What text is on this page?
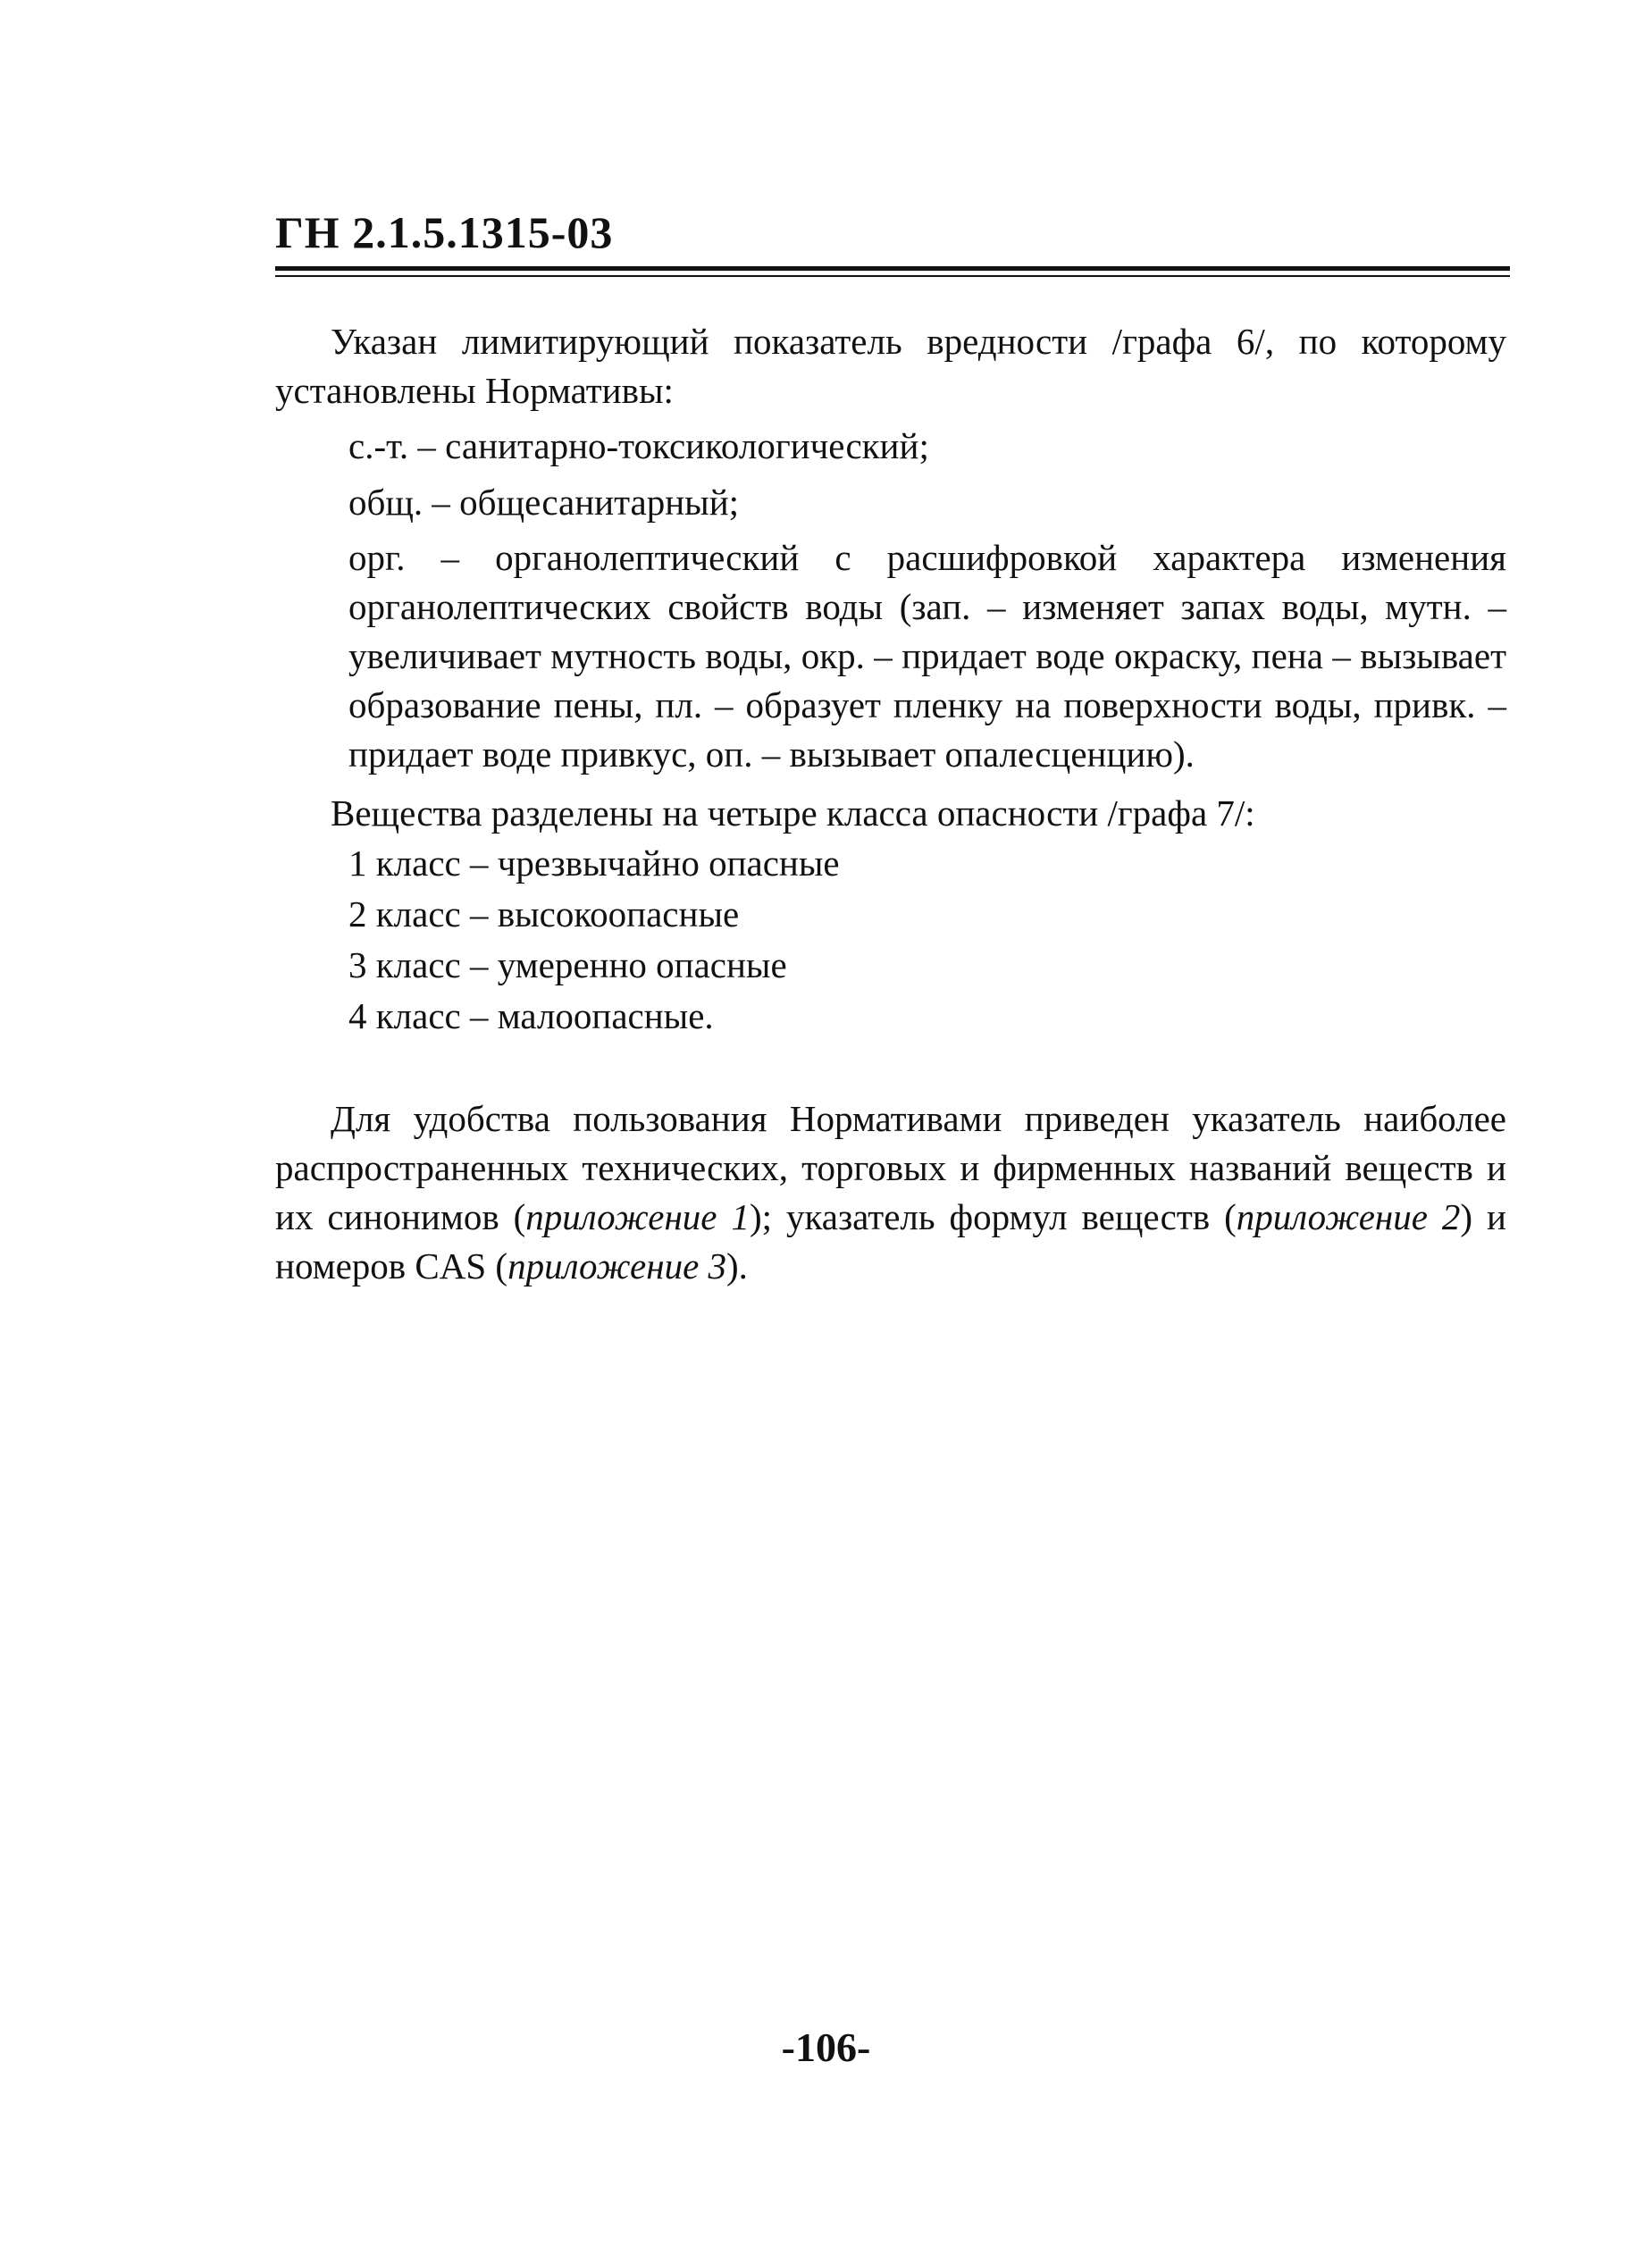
ГН 2.1.5.1315-03

Указан лимитирующий показатель вредности /графа 6/, по которому установлены Нормативы:

с.-т. – санитарно-токсикологический;

общ. – общесанитарный;

орг. – органолептический с расшифровкой характера изменения органолептических свойств воды (зап. – изменяет запах воды, мутн. – увеличивает мутность воды, окр. – придает воде окраску, пена – вызывает образование пены, пл. – образует пленку на поверхности воды, привк. – придает воде привкус, оп. – вызывает опалесценцию).

Вещества разделены на четыре класса опасности /графа 7/:

1 класс – чрезвычайно опасные

2 класс – высокоопасные

3 класс – умеренно опасные

4 класс – малоопасные.

Для удобства пользования Нормативами приведен указатель наиболее распространенных технических, торговых и фирменных названий веществ и их синонимов (приложение 1); указатель формул веществ (приложение 2) и номеров CAS (приложение 3).

-106-
